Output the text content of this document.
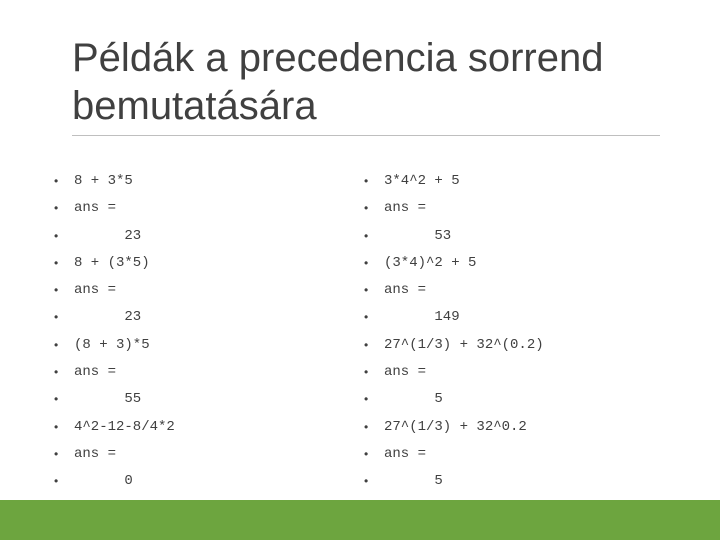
Példák a precedencia sorrend
bemutatására
• 8 + 3*5
• ans =
• 23
• 8 + (3*5)
• ans =
• 23
• (8 + 3)*5
• ans =
• 55
• 4^2-12-8/4*2
• ans =
• 0
• 3*4^2 + 5
• ans =
• 53
• (3*4)^2 + 5
• ans =
• 149
• 27^(1/3) + 32^(0.2)
• ans =
• 5
• 27^(1/3) + 32^0.2
• ans =
• 5
